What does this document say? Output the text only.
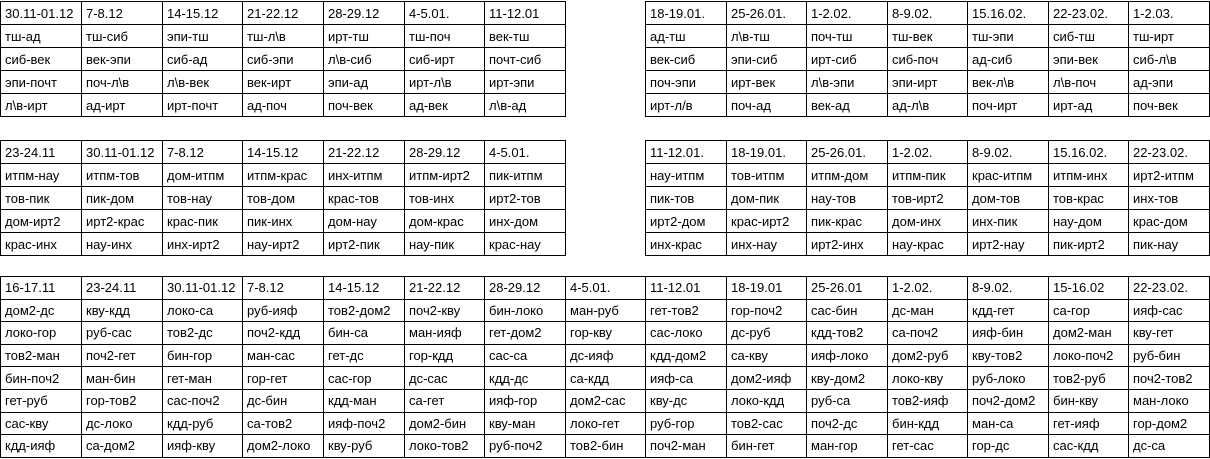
30.11-01.12	7-8.12	14-15.12	21-22.12	28-29.12	4-5.01.	11-12.01		18-19.01.	25-26.01.	1-2.02.	8-9.02.	15.16.02.	22-23.02.	1-2.03.
тш-ад	тш-сиб	эпи-тш	тш-л\в	ирт-тш	тш-поч	век-тш		ад-тш	л\в-тш	поч-тш	тш-век	тш-эпи	сиб-тш	тш-ирт
сиб-век	век-эпи	сиб-ад	сиб-эпи	л\в-сиб	сиб-ирт	почт-сиб		век-сиб	эпи-сиб	ирт-сиб	сиб-поч	ад-сиб	эпи-век	сиб-л\в
эпи-почт	поч-л\в	л\в-век	век-ирт	эпи-ад	ирт-л\в	ирт-эпи		поч-эпи	ирт-век	л\в-эпи	эпи-ирт	век-л\в	л\в-поч	ад-эпи
л\в-ирт	ад-ирт	ирт-почт	ад-поч	поч-век	ад-век	л\в-ад		ирт-л/в	поч-ад	век-ад	ад-л\в	поч-ирт	ирт-ад	поч-век
23-24.11	30.11-01.12	7-8.12	14-15.12	21-22.12	28-29.12	4-5.01.		11-12.01.	18-19.01.	25-26.01.	1-2.02.	8-9.02.	15.16.02.	22-23.02.
итпм-нау	итпм-тов	дом-итпм	итпм-крас	инх-итпм	итпм-ирт2	пик-итпм		нау-итпм	тов-итпм	итпм-дом	итпм-пик	крас-итпм	итпм-инх	ирт2-итпм
тов-пик	пик-дом	тов-нау	тов-дом	крас-тов	тов-инх	ирт2-тов		пик-тов	дом-пик	нау-тов	тов-ирт2	дом-тов	тов-крас	инх-тов
дом-ирт2	ирт2-крас	крас-пик	пик-инх	дом-нау	дом-крас	инх-дом		ирт2-дом	крас-ирт2	пик-крас	дом-инх	инх-пик	нау-дом	крас-дом
крас-инх	нау-инх	инх-ирт2	нау-ирт2	ирт2-пик	нау-пик	крас-нау		инх-крас	инх-нау	ирт2-инх	нау-крас	ирт2-нау	пик-ирт2	пик-нау
16-17.11	23-24.11	30.11-01.12	7-8.12	14-15.12	21-22.12	28-29.12	4-5.01.	11-12.01	18-19.01	25-26.01	1-2.02.	8-9.02.	15-16.02	22-23.02.
дом2-дс	кву-кдд	локо-са	руб-ияф	тов2-дом2	поч2-кву	бин-локо	ман-руб	гет-тов2	гор-поч2	сас-бин	дс-ман	кдд-гет	са-гор	ияф-сас
локо-гор	руб-сас	тов2-дс	поч2-кдд	бин-са	ман-ияф	гет-дом2	гор-кву	сас-локо	дс-руб	кдд-тов2	са-поч2	ияф-бин	дом2-ман	кву-гет
тов2-ман	поч2-гет	бин-гор	ман-сас	гет-дс	гор-кдд	сас-са	дс-ияф	кдд-дом2	са-кву	ияф-локо	дом2-руб	кву-тов2	локо-поч2	руб-бин
бин-поч2	ман-бин	гет-ман	гор-гет	сас-гор	дс-сас	кдд-дс	са-кдд	ияф-са	дом2-ияф	кву-дом2	локо-кву	руб-локо	тов2-руб	поч2-тов2
гет-руб	гор-тов2	сас-поч2	дс-бин	кдд-ман	са-гет	ияф-гор	дом2-сас	кву-дс	локо-кдд	руб-са	тов2-ияф	поч2-дом2	бин-кву	ман-локо
сас-кву	дс-локо	кдд-руб	са-тов2	ияф-поч2	дом2-бин	кву-ман	локо-гет	руб-гор	тов2-сас	поч2-дс	бин-кдд	ман-са	гет-ияф	гор-дом2
кдд-ияф	са-дом2	ияф-кву	дом2-локо	кву-руб	локо-тов2	руб-поч2	тов2-бин	поч2-ман	бин-гет	ман-гор	гет-сас	гор-дс	сас-кдд	дс-са
